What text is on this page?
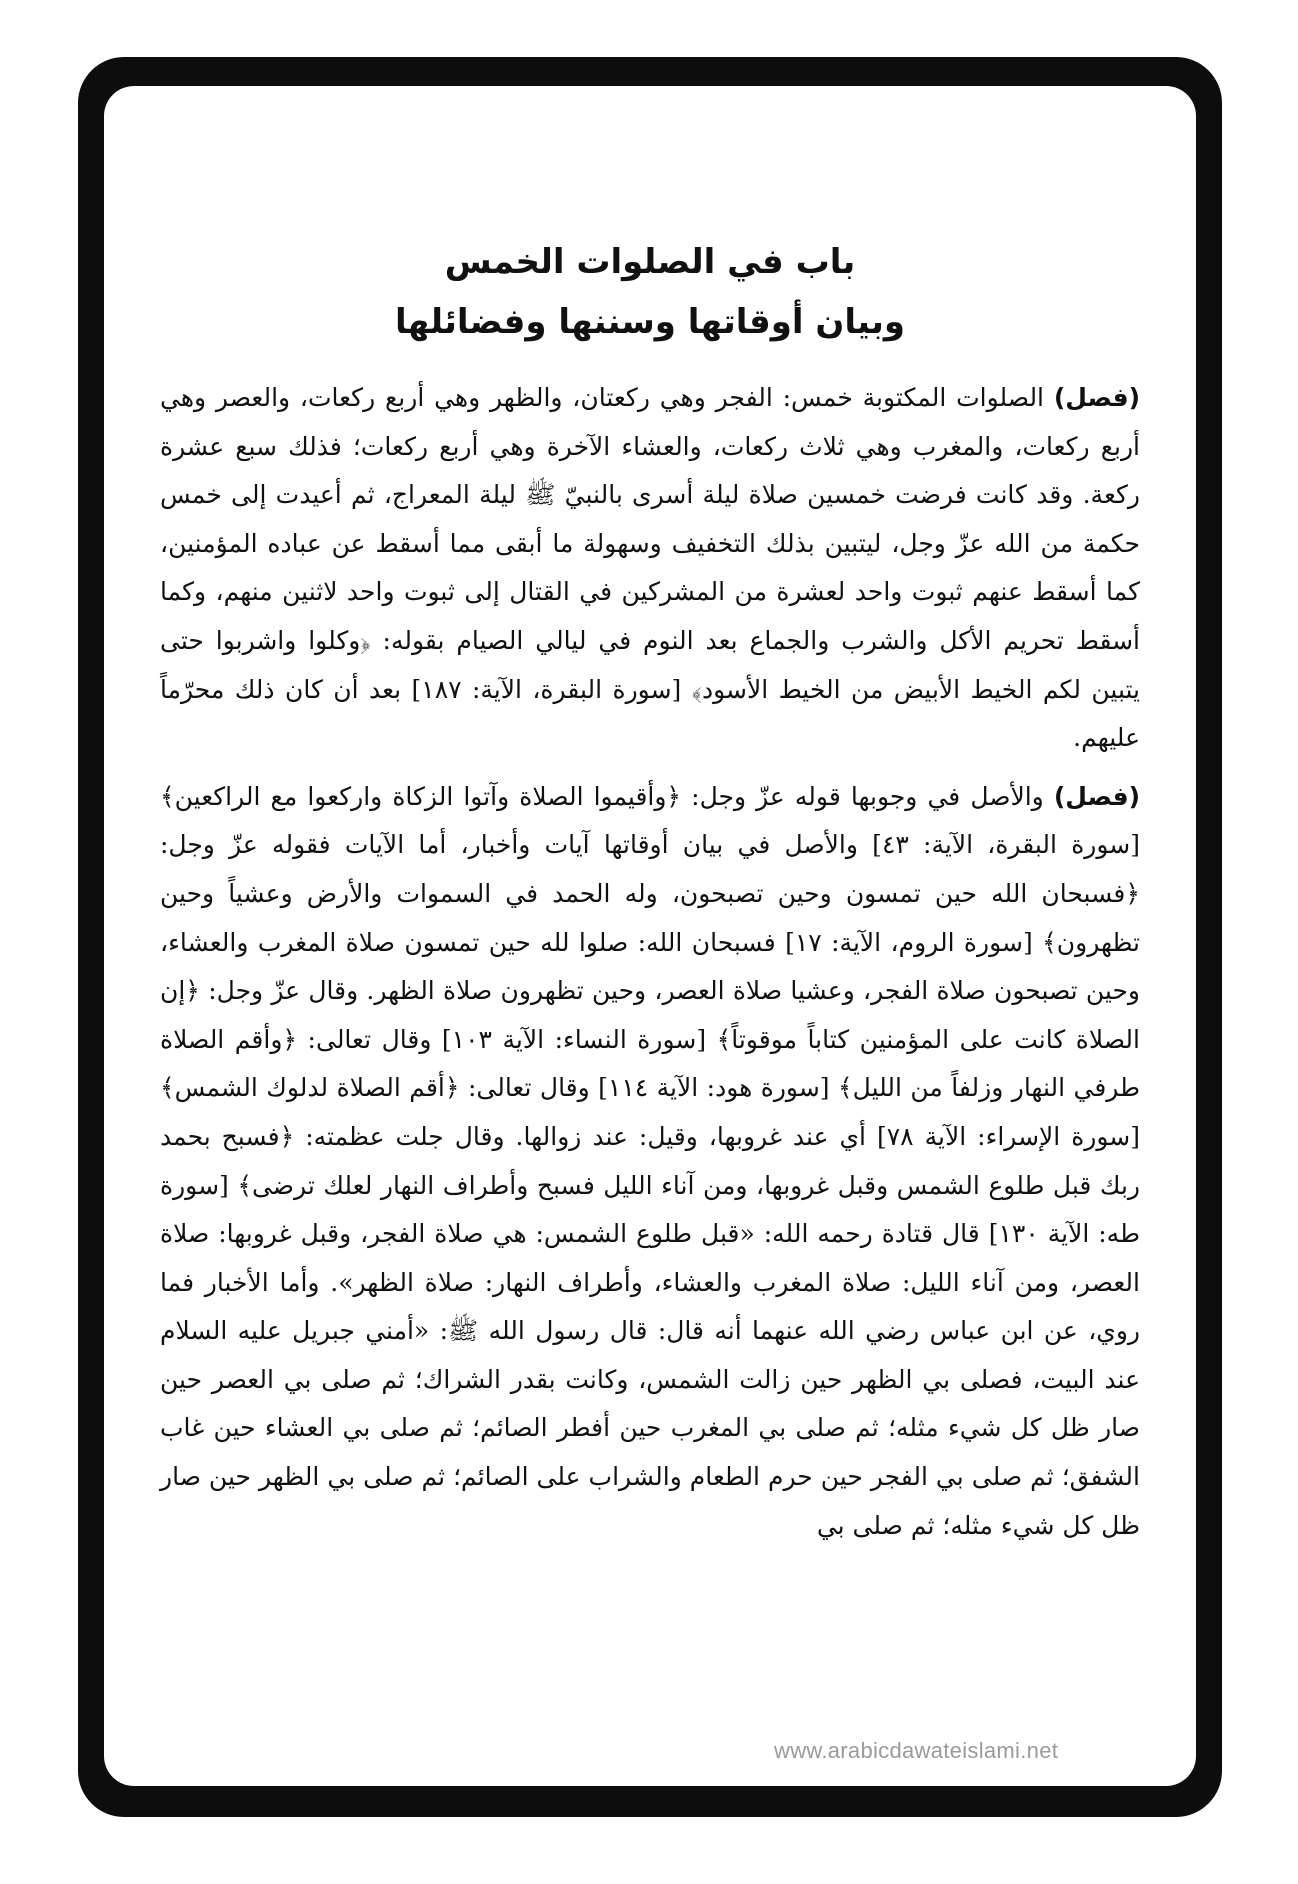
باب في الصلوات الخمس

وبيان أوقاتها وسننها وفضائلها

(فصل) الصلوات المكتوبة خمس: الفجر وهي ركعتان، والظهر وهي أربع ركعات، والعصر وهي أربع ركعات، والمغرب وهي ثلاث ركعات، والعشاء الآخرة وهي أربع ركعات؛ فذلك سبع عشرة ركعة. وقد كانت فرضت خمسين صلاة ليلة أسرى بالنبيّ ﷺ ليلة المعراج، ثم أعيدت إلى خمس حكمة من الله عزّ وجل، ليتبين بذلك التخفيف وسهولة ما أبقى مما أسقط عن عباده المؤمنين، كما أسقط عنهم ثبوت واحد لعشرة من المشركين في القتال إلى ثبوت واحد لاثنين منهم، وكما أسقط تحريم الأكل والشرب والجماع بعد النوم في ليالي الصيام بقوله: ﴿وكلوا واشربوا حتى يتبين لكم الخيط الأبيض من الخيط الأسود﴾ [سورة البقرة، الآية: ١٨٧] بعد أن كان ذلك محرّماً عليهم.

(فصل) والأصل في وجوبها قوله عزّ وجل: ﴿وأقيموا الصلاة وآتوا الزكاة واركعوا مع الراكعين﴾ [سورة البقرة، الآية: ٤٣] والأصل في بيان أوقاتها آيات وأخبار، أما الآيات فقوله عزّ وجل: ﴿فسبحان الله حين تمسون وحين تصبحون، وله الحمد في السموات والأرض وعشياً وحين تظهرون﴾ [سورة الروم، الآية: ١٧] فسبحان الله: صلوا لله حين تمسون صلاة المغرب والعشاء، وحين تصبحون صلاة الفجر، وعشيا صلاة العصر، وحين تظهرون صلاة الظهر. وقال عزّ وجل: ﴿إن الصلاة كانت على المؤمنين كتاباً موقوتاً﴾ [سورة النساء: الآية ١٠٣] وقال تعالى: ﴿وأقم الصلاة طرفي النهار وزلفاً من الليل﴾ [سورة هود: الآية ١١٤] وقال تعالى: ﴿أقم الصلاة لدلوك الشمس﴾ [سورة الإسراء: الآية ٧٨] أي عند غروبها، وقيل: عند زوالها. وقال جلت عظمته: ﴿فسبح بحمد ربك قبل طلوع الشمس وقبل غروبها، ومن آناء الليل فسبح وأطراف النهار لعلك ترضى﴾ [سورة طه: الآية ١٣٠] قال قتادة رحمه الله: «قبل طلوع الشمس: هي صلاة الفجر، وقبل غروبها: صلاة العصر، ومن آناء الليل: صلاة المغرب والعشاء، وأطراف النهار: صلاة الظهر». وأما الأخبار فما روي، عن ابن عباس رضي الله عنهما أنه قال: قال رسول الله ﷺ: «أمني جبريل عليه السلام عند البيت، فصلى بي الظهر حين زالت الشمس، وكانت بقدر الشراك؛ ثم صلى بي العصر حين صار ظل كل شيء مثله؛ ثم صلى بي المغرب حين أفطر الصائم؛ ثم صلى بي العشاء حين غاب الشفق؛ ثم صلى بي الفجر حين حرم الطعام والشراب على الصائم؛ ثم صلى بي الظهر حين صار ظل كل شيء مثله؛ ثم صلى بي

www.arabicdawateislami.net
